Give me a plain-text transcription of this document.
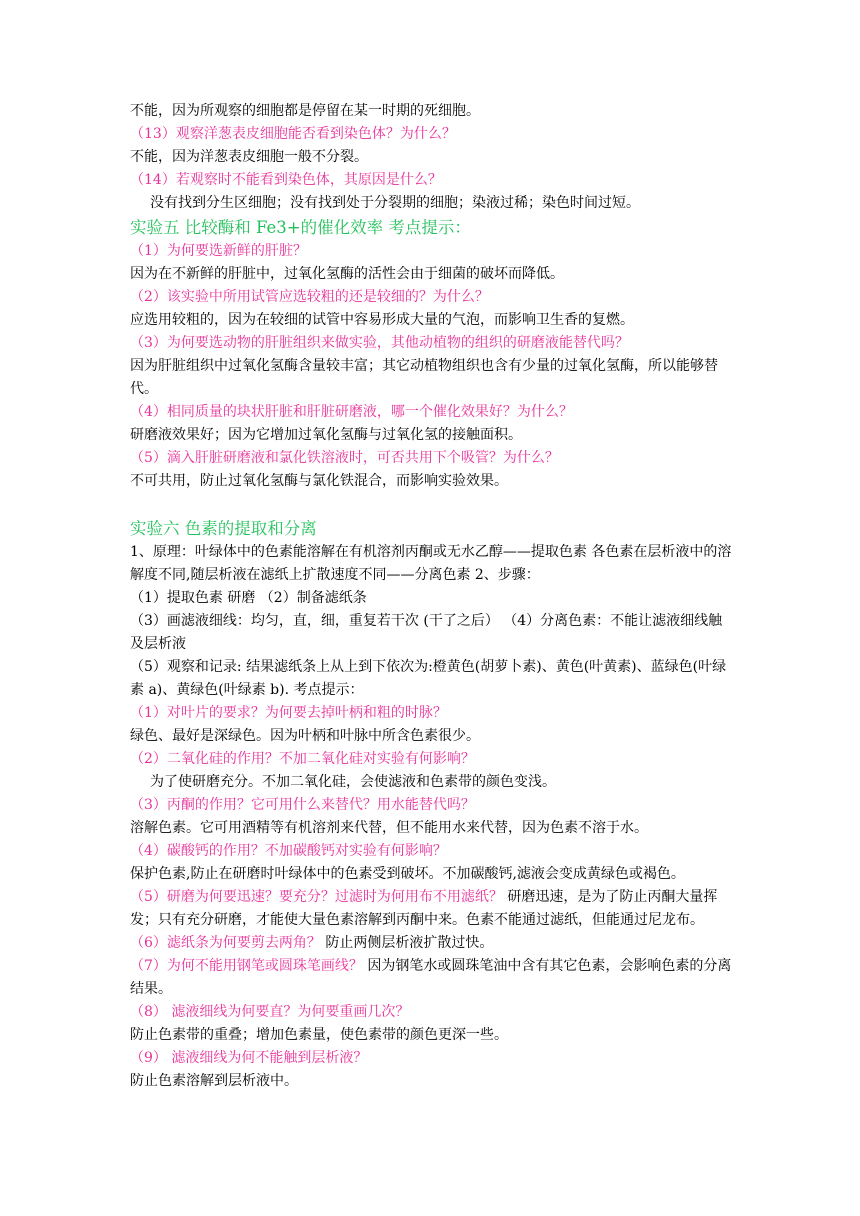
不能，因为所观察的细胞都是停留在某一时期的死细胞。
（13）观察洋葱表皮细胞能否看到染色体？为什么？
不能，因为洋葱表皮细胞一般不分裂。
（14）若观察时不能看到染色体，其原因是什么？
没有找到分生区细胞；没有找到处于分裂期的细胞；染液过稀；染色时间过短。
实验五 比较酶和 Fe3+的催化效率 考点提示：
（1）为何要选新鲜的肝脏？
因为在不新鲜的肝脏中，过氧化氢酶的活性会由于细菌的破坏而降低。
（2）该实验中所用试管应选较粗的还是较细的？为什么？
应选用较粗的，因为在较细的试管中容易形成大量的气泡，而影响卫生香的复燃。
（3）为何要选动物的肝脏组织来做实验，其他动植物的组织的研磨液能替代吗？
因为肝脏组织中过氧化氢酶含量较丰富；其它动植物组织也含有少量的过氧化氢酶，所以能够替代。
（4）相同质量的块状肝脏和肝脏研磨液，哪一个催化效果好？为什么？
研磨液效果好；因为它增加过氧化氢酶与过氧化氢的接触面积。
（5）滴入肝脏研磨液和氯化铁溶液时，可否共用下个吸管？为什么？
不可共用，防止过氧化氢酶与氯化铁混合，而影响实验效果。
实验六 色素的提取和分离
1、原理：叶绿体中的色素能溶解在有机溶剂丙酮或无水乙醇——提取色素 各色素在层析液中的溶解度不同,随层析液在滤纸上扩散速度不同——分离色素 2、步骤：
（1）提取色素 研磨 （2）制备滤纸条
（3）画滤液细线：均匀，直，细，重复若干次 (干了之后） （4）分离色素：不能让滤液细线触及层析液
（5）观察和记录: 结果滤纸条上从上到下依次为:橙黄色(胡萝卜素)、黄色(叶黄素)、蓝绿色(叶绿素 a)、黄绿色(叶绿素 b). 考点提示：
（1）对叶片的要求？为何要去掉叶柄和粗的时脉？
绿色、最好是深绿色。因为叶柄和叶脉中所含色素很少。
（2）二氧化硅的作用？不加二氧化硅对实验有何影响？
为了使研磨充分。不加二氧化硅，会使滤液和色素带的颜色变浅。
（3）丙酮的作用？它可用什么来替代？用水能替代吗？
溶解色素。它可用酒精等有机溶剂来代替，但不能用水来代替，因为色素不溶于水。
（4）碳酸钙的作用？不加碳酸钙对实验有何影响？
保护色素,防止在研磨时叶绿体中的色素受到破坏。不加碳酸钙,滤液会变成黄绿色或褐色。
（5）研磨为何要迅速？要充分？过滤时为何用布不用滤纸？ 研磨迅速，是为了防止丙酮大量挥发；只有充分研磨，才能使大量色素溶解到丙酮中来。色素不能通过滤纸，但能通过尼龙布。
（6）滤纸条为何要剪去两角？ 防止两侧层析液扩散过快。
（7）为何不能用钢笔或圆珠笔画线？ 因为钢笔水或圆珠笔油中含有其它色素，会影响色素的分离结果。
（8） 滤液细线为何要直？为何要重画几次？
防止色素带的重叠；增加色素量，使色素带的颜色更深一些。
（9） 滤液细线为何不能触到层析液？
防止色素溶解到层析液中。
